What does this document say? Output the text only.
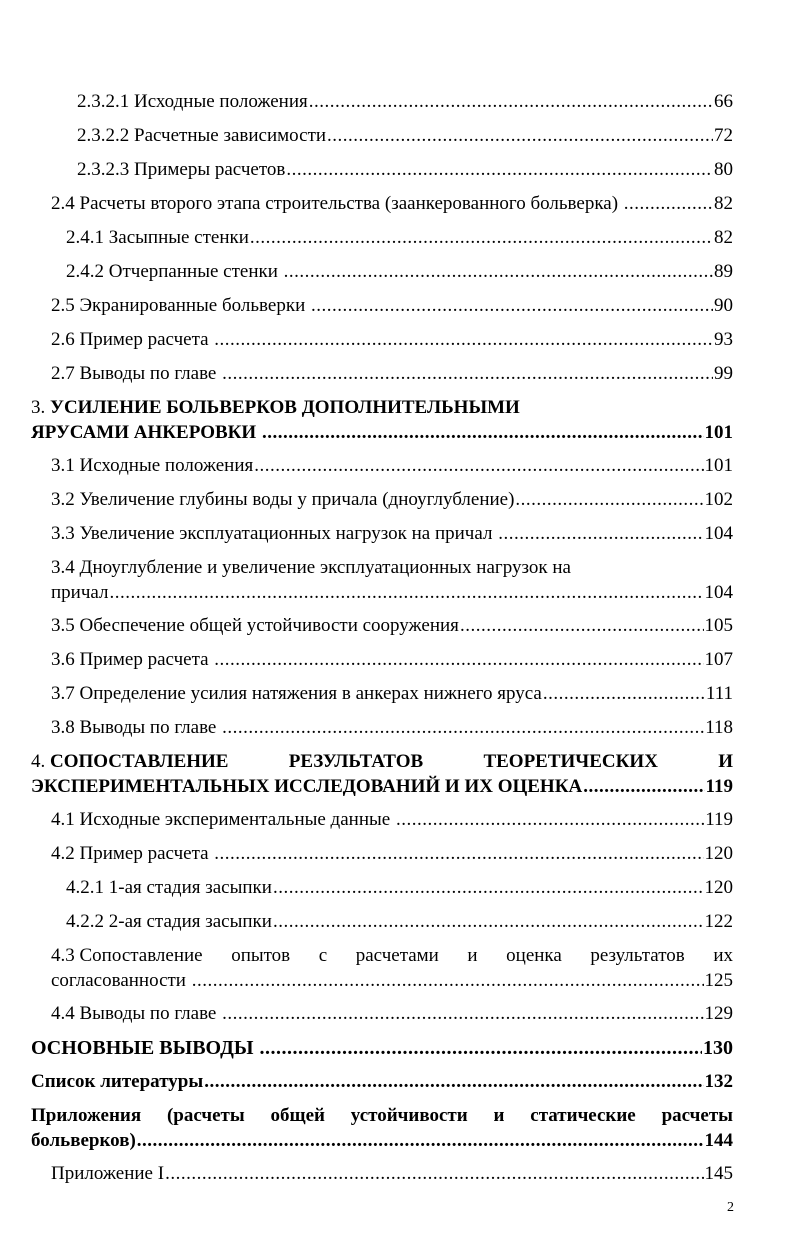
2.3.2.1 Исходные положения .....	66
2.3.2.2 Расчетные зависимости .....	72
2.3.2.3 Примеры расчетов .....	80
2.4 Расчеты второго этапа строительства (заанкерованного больверка) .....	82
2.4.1 Засыпные стенки .....	82
2.4.2 Отчерпанные стенки .....	89
2.5 Экранированные больверки .....	90
2.6 Пример расчета .....	93
2.7 Выводы по главе .....	99
3. УСИЛЕНИЕ БОЛЬВЕРКОВ ДОПОЛНИТЕЛЬНЫМИ
ЯРУСАМИ АНКЕРОВКИ .....	101
3.1 Исходные положения .....	101
3.2 Увеличение глубины воды у причала (дноуглубление) .....	102
3.3 Увеличение эксплуатационных нагрузок на причал .....	104
3.4 Дноуглубление и увеличение эксплуатационных нагрузок на
причал .....	104
3.5 Обеспечение общей устойчивости сооружения .....	105
3.6 Пример расчета .....	107
3.7 Определение усилия натяжения в анкерах нижнего яруса .....	111
3.8 Выводы по главе .....	118
4. СОПОСТАВЛЕНИЕ	РЕЗУЛЬТАТОВ	ТЕОРЕТИЧЕСКИХ	И
ЭКСПЕРИМЕНТАЛЬНЫХ ИССЛЕДОВАНИЙ И ИХ ОЦЕНКА .....	119
4.1 Исходные экспериментальные данные .....	119
4.2 Пример расчета .....	120
4.2.1 1-ая стадия засыпки .....	120
4.2.2 2-ая стадия засыпки .....	122
4.3 Сопоставление опытов с расчетами и оценка результатов их
согласованности .....	125
4.4 Выводы по главе .....	129
ОСНОВНЫЕ ВЫВОДЫ .....	130
Список литературы .....	132
Приложения (расчеты общей устойчивости и статические расчеты
больверков) .....	144
Приложение I .....	145
2
